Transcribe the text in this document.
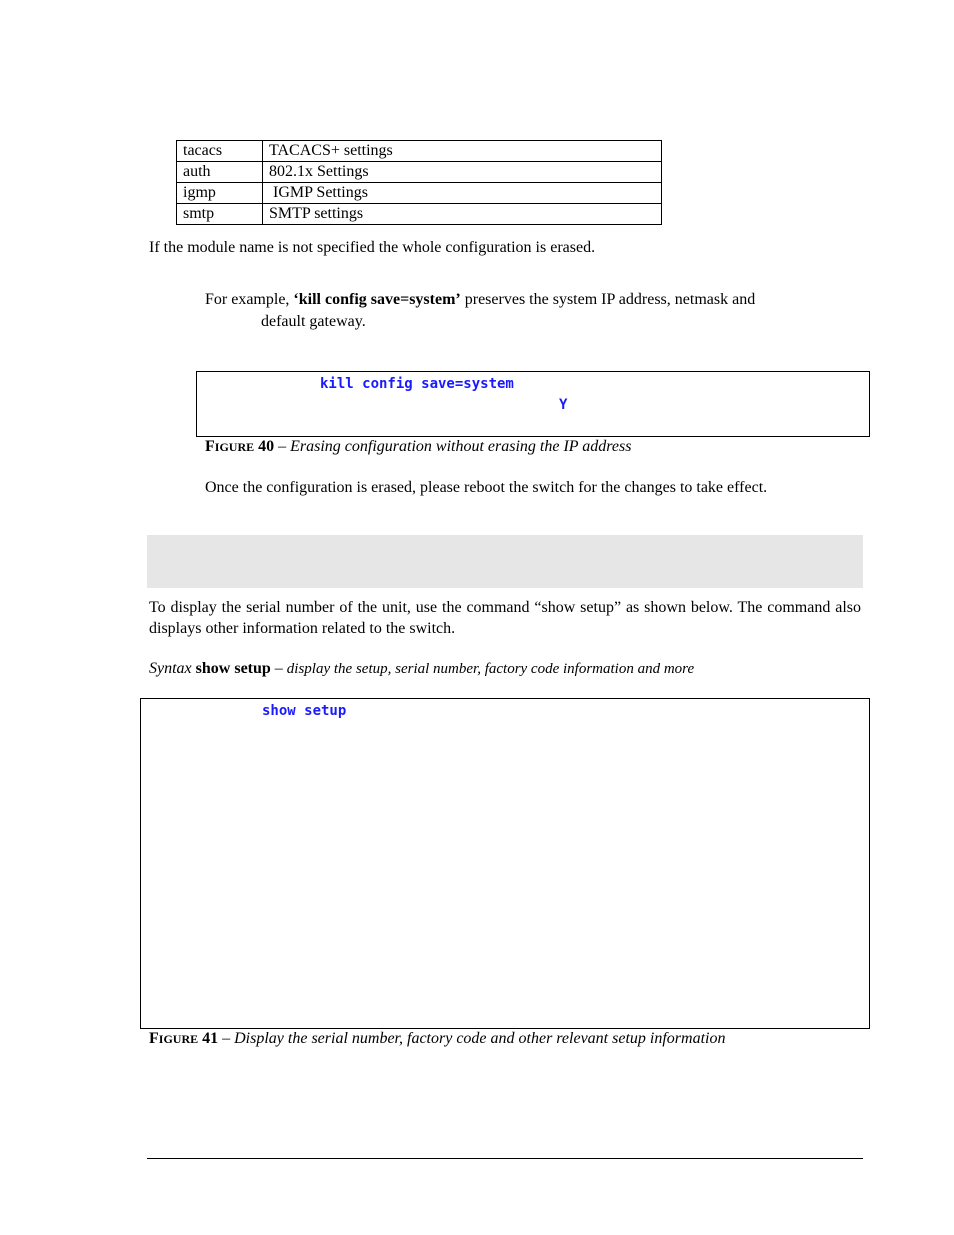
tacacs	TACACS+ settings
auth	802.1x Settings
igmp	IGMP Settings
smtp	SMTP settings
If the module name is not specified the whole configuration is erased.
For example, ‘kill config save=system’ preserves the system IP address, netmask and
default gateway.
kill config save=system
Y
FIGURE 40 – Erasing configuration without erasing the IP address
Once the configuration is erased, please reboot the switch for the changes to take effect.
To display the serial number of the unit, use the command “show setup” as shown below. The command also displays other information related to the switch.
Syntax show setup – display the setup, serial number, factory code information and more
show setup
FIGURE 41 – Display the serial number, factory code and other relevant setup information
